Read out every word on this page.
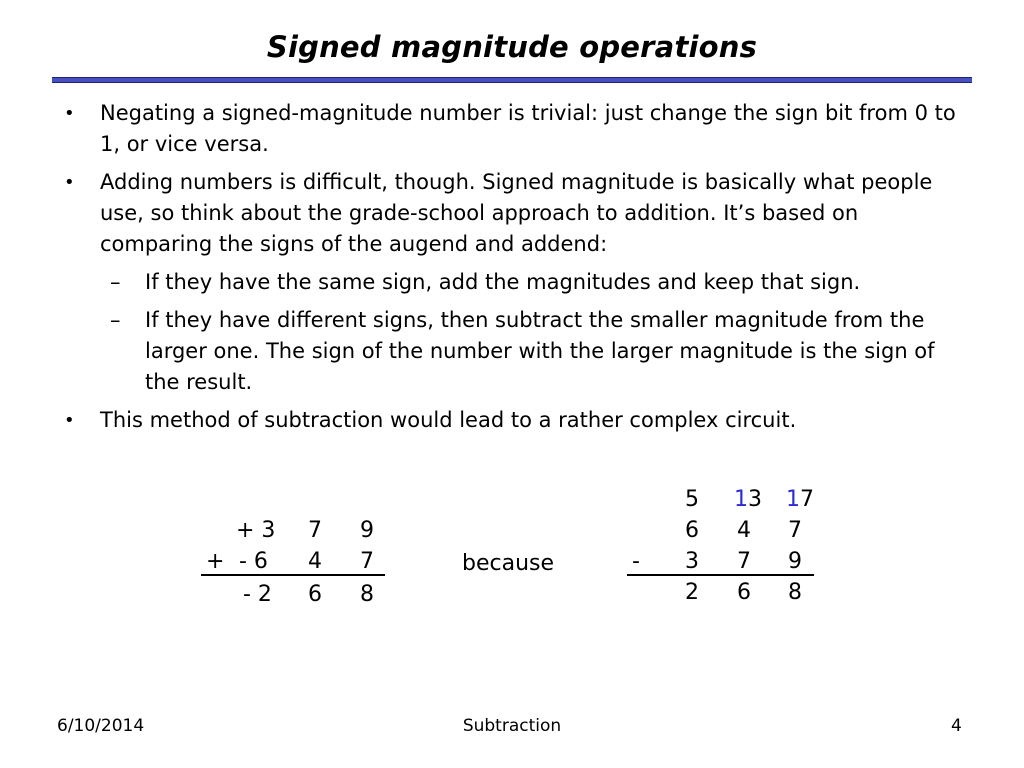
Signed magnitude operations
• Negating a signed-magnitude number is trivial: just change the sign bit from 0 to 1, or vice versa.
• Adding numbers is difficult, though. Signed magnitude is basically what people use, so think about the grade-school approach to addition. It’s based on comparing the signs of the augend and addend:
– If they have the same sign, add the magnitudes and keep that sign.
– If they have different signs, then subtract the smaller magnitude from the larger one. The sign of the number with the larger magnitude is the sign of the result.
• This method of subtraction would lead to a rather complex circuit.
+ 3 7 9
+ - 6 4 7
- 2 6 8
because
5 13 17
6 4 7
- 3 7 9
2 6 8
6/10/2014	Subtraction	4
